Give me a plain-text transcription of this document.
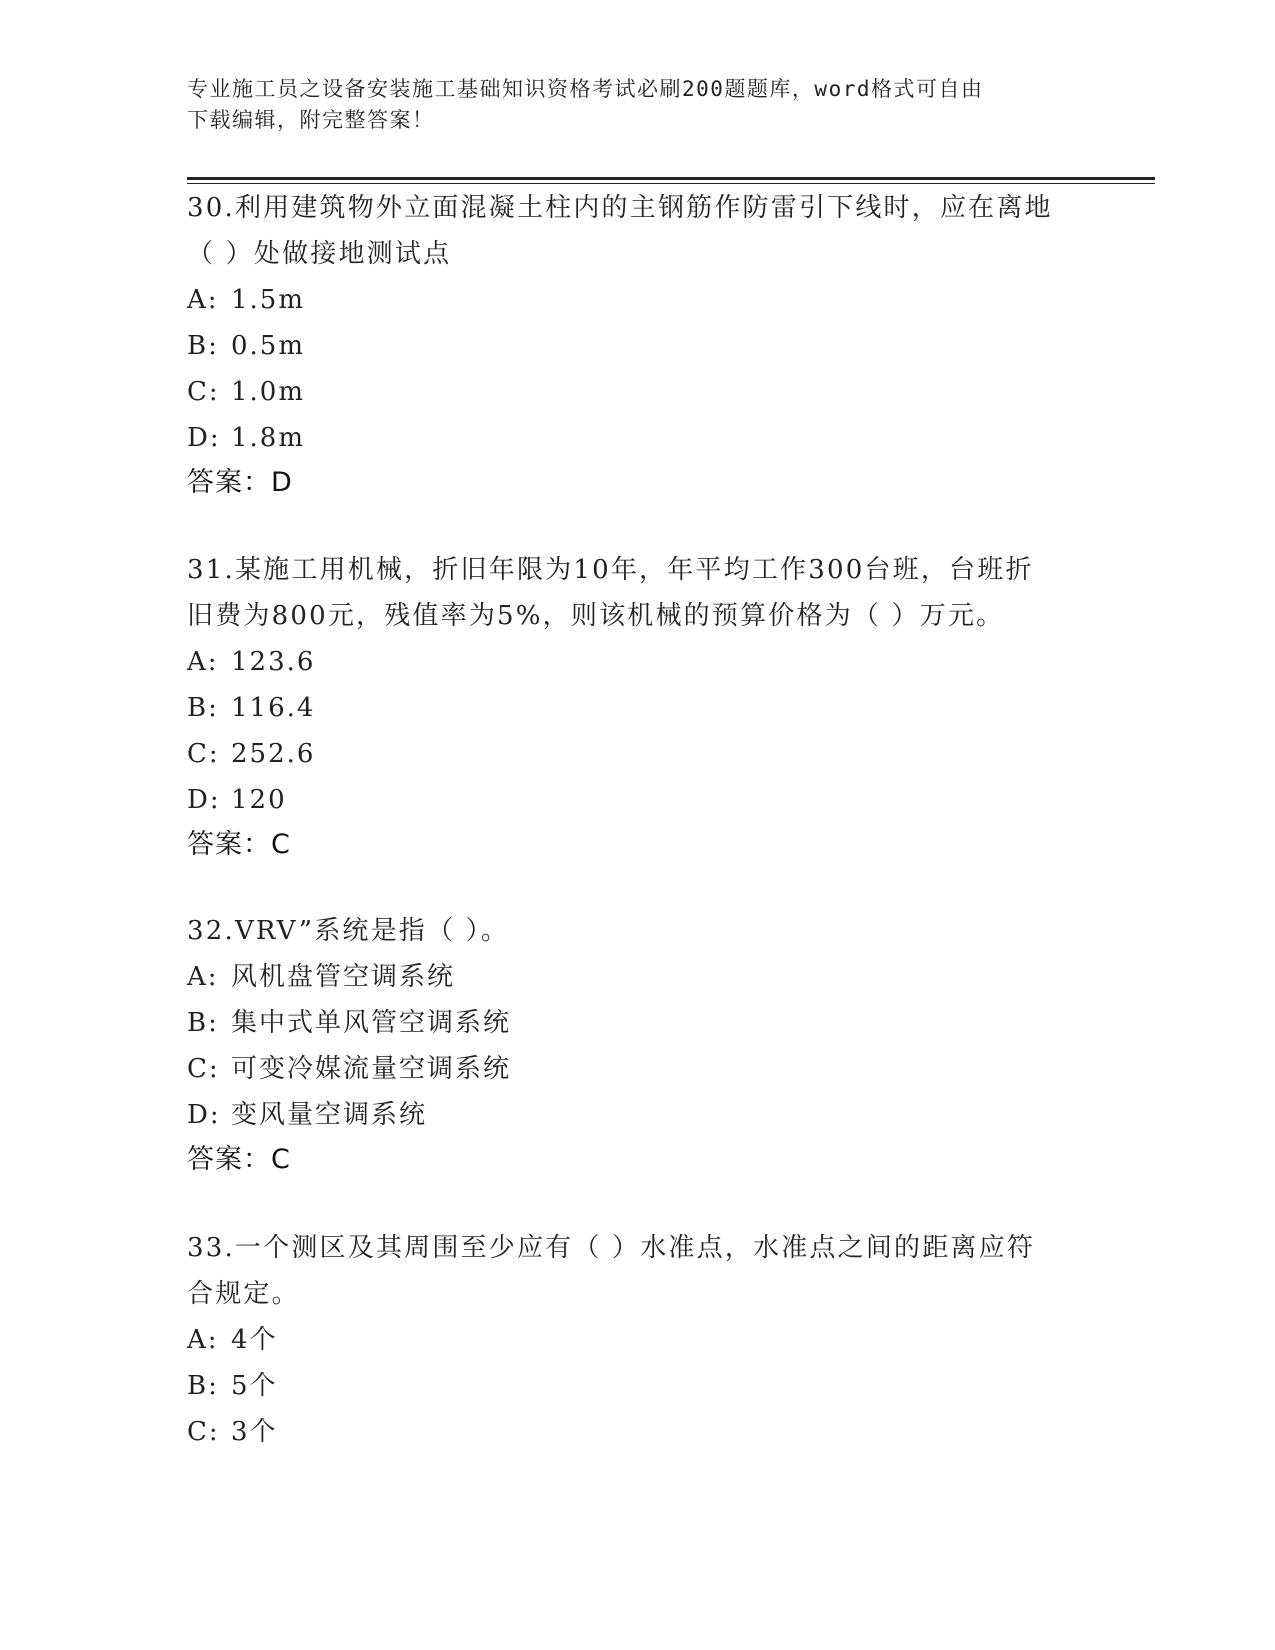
专业施工员之设备安装施工基础知识资格考试必刷200题题库，word格式可自由
下载编辑，附完整答案！
30.利用建筑物外立面混凝土柱内的主钢筋作防雷引下线时，应在离地
（ ）处做接地测试点
A: 1.5m
B: 0.5m
C: 1.0m
D: 1.8m
答案：D
31.某施工用机械，折旧年限为10年，年平均工作300台班，台班折
旧费为800元，残值率为5%，则该机械的预算价格为（ ）万元。
A: 123.6
B: 116.4
C: 252.6
D: 120
答案：C
32.VRV”系统是指（ ）。
A: 风机盘管空调系统
B: 集中式单风管空调系统
C: 可变冷媒流量空调系统
D: 变风量空调系统
答案：C
33.一个测区及其周围至少应有（ ）水准点，水准点之间的距离应符
合规定。
A: 4个
B: 5个
C: 3个
